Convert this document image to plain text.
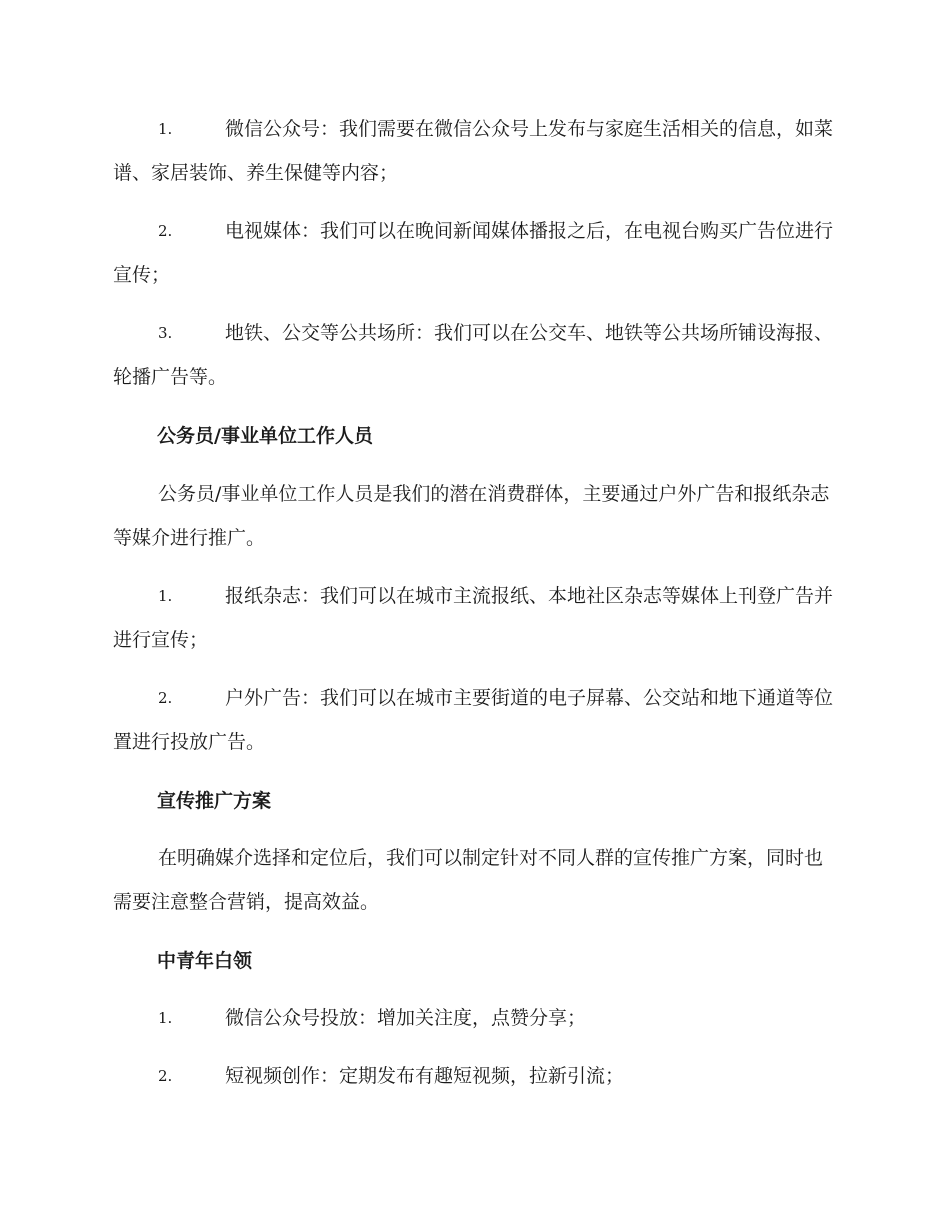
1.	微信公众号：我们需要在微信公众号上发布与家庭生活相关的信息，如菜谱、家居装饰、养生保健等内容；
2.	电视媒体：我们可以在晚间新闻媒体播报之后，在电视台购买广告位进行宣传；
3.	地铁、公交等公共场所：我们可以在公交车、地铁等公共场所铺设海报、轮播广告等。
公务员/事业单位工作人员
公务员/事业单位工作人员是我们的潜在消费群体，主要通过户外广告和报纸杂志等媒介进行推广。
1.	报纸杂志：我们可以在城市主流报纸、本地社区杂志等媒体上刊登广告并进行宣传；
2.	户外广告：我们可以在城市主要街道的电子屏幕、公交站和地下通道等位置进行投放广告。
宣传推广方案
在明确媒介选择和定位后，我们可以制定针对不同人群的宣传推广方案，同时也需要注意整合营销，提高效益。
中青年白领
1.	微信公众号投放：增加关注度，点赞分享；
2.	短视频创作：定期发布有趣短视频，拉新引流；
